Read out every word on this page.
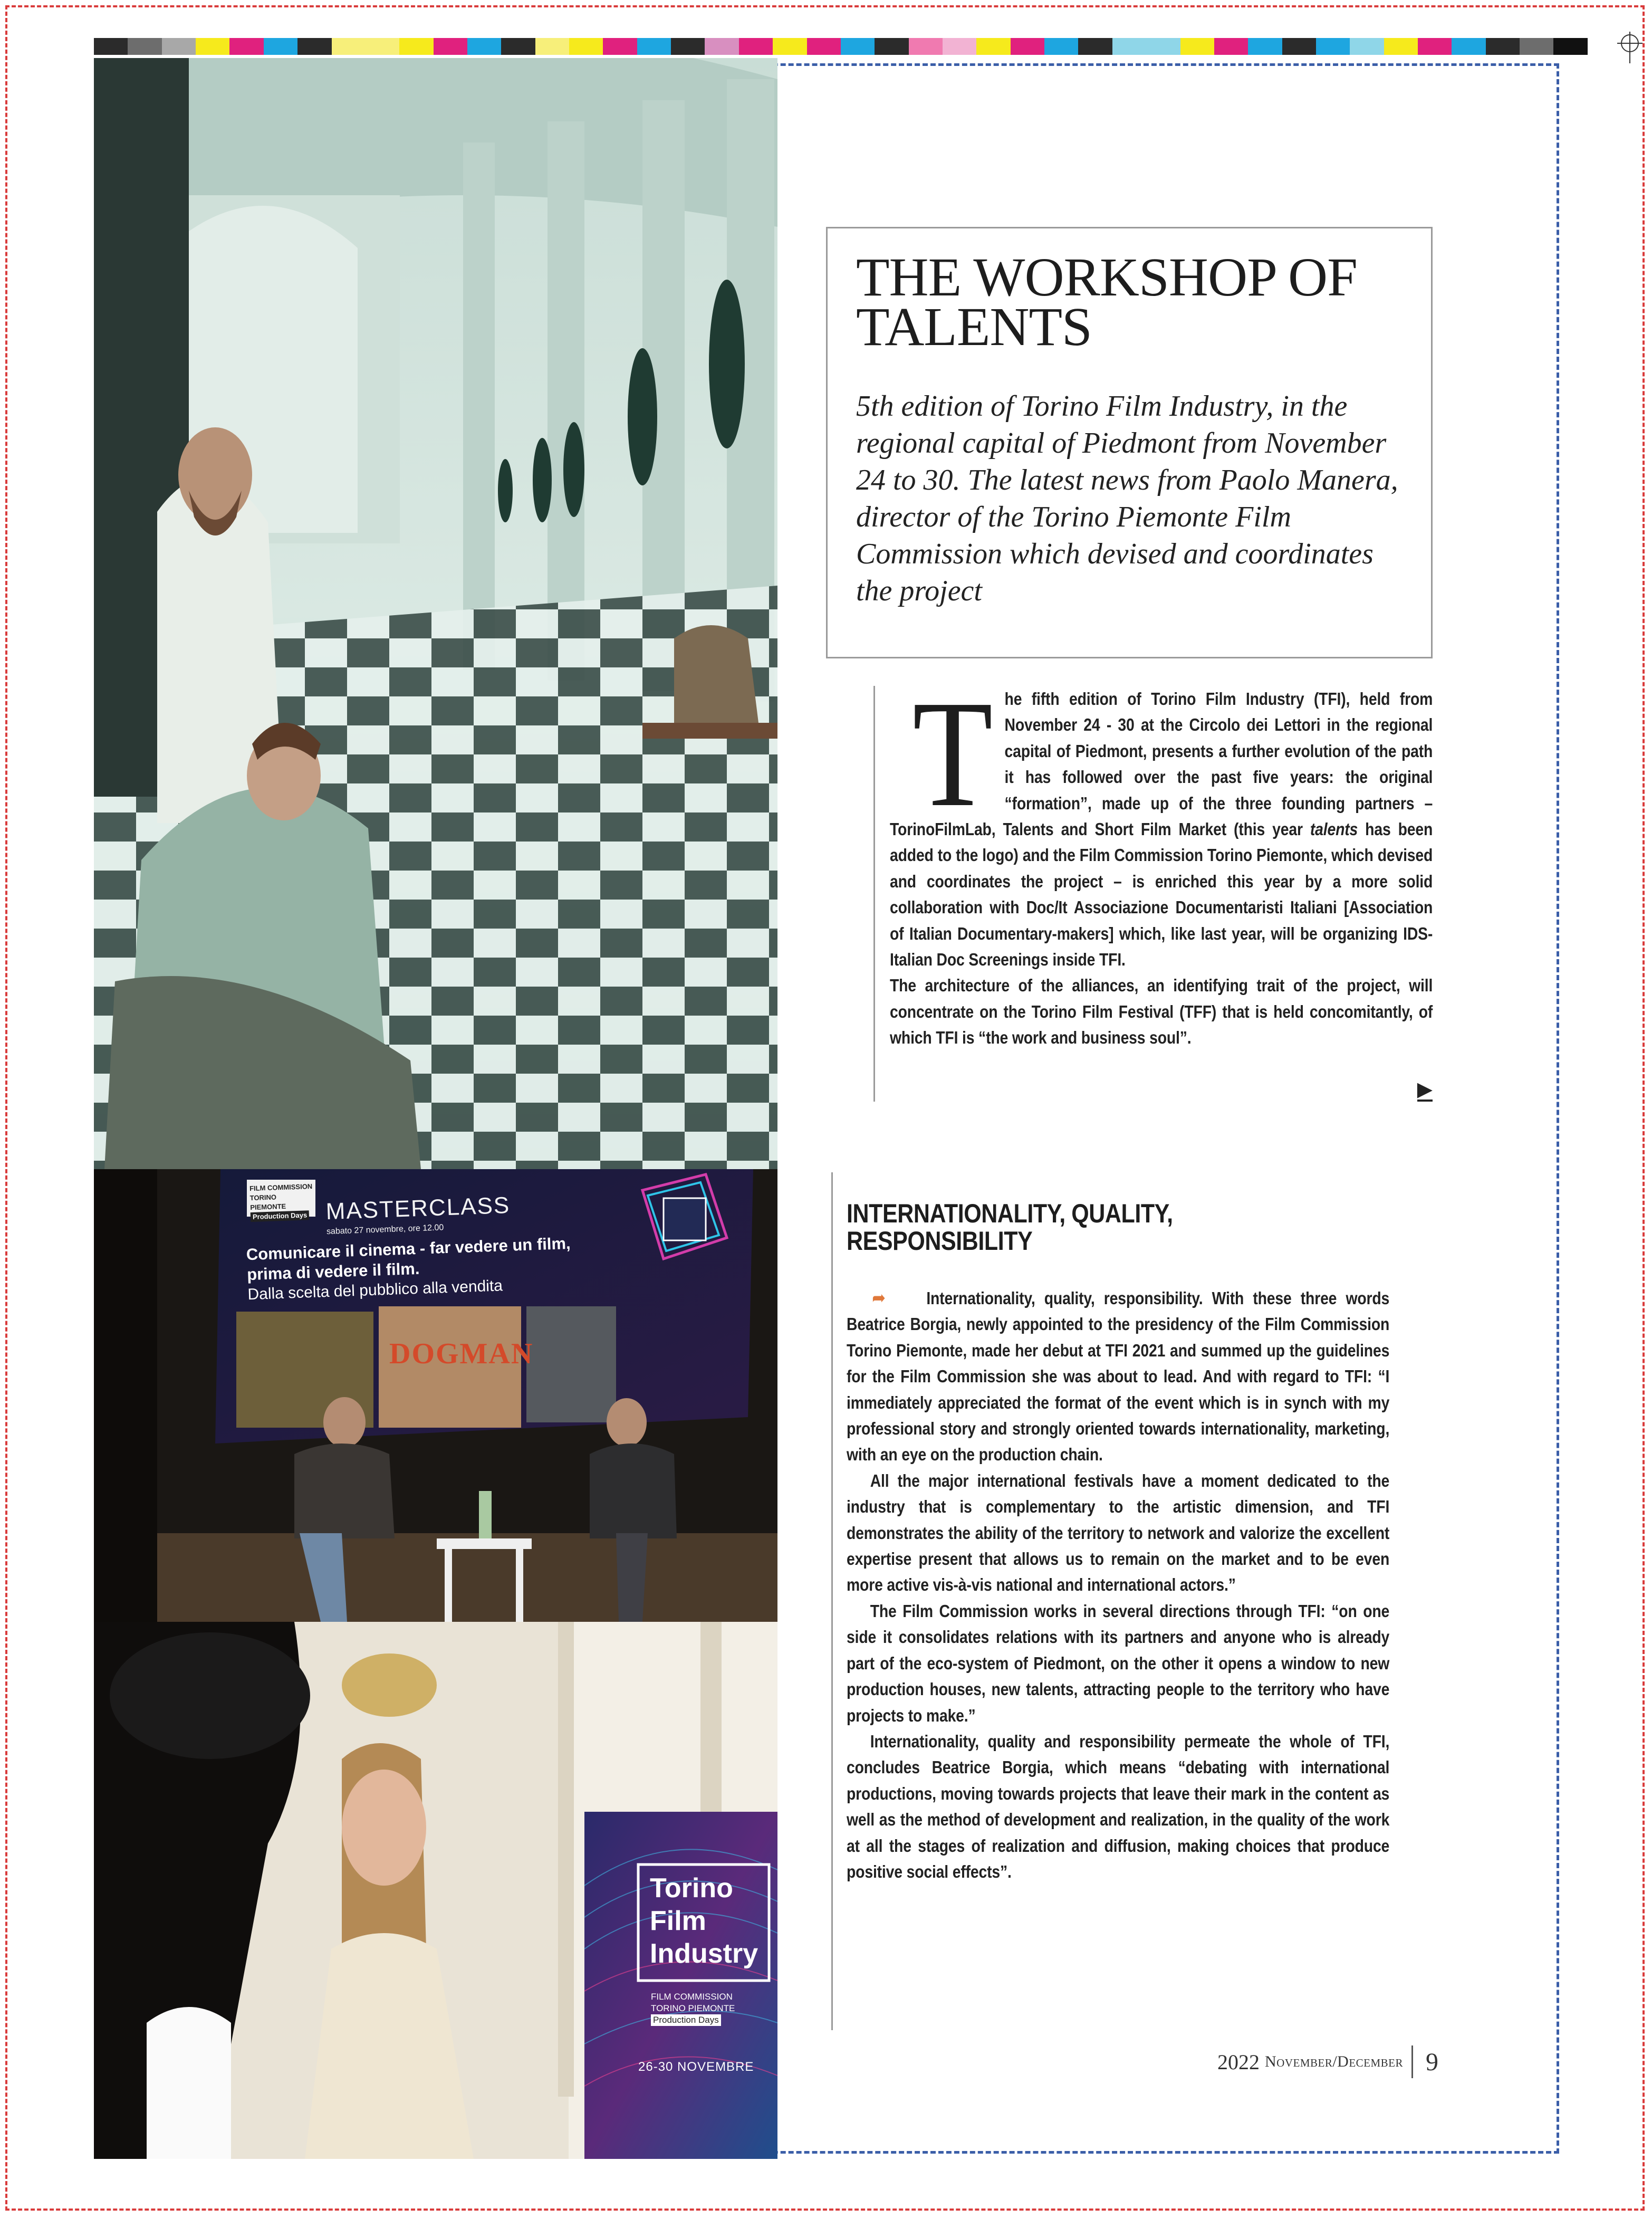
FILM COMMISSION
TORINO PIEMONTE
Production Days MASTERCLASS
sabato 27 novembre, ore 12.00
Comunicare il cinema - far vedere un film,
prima di vedere il film.
Dalla scelta del pubblico alla vendita
DOGMAN
Torino
Film
Industry
FILM COMMISSION
TORINO PIEMONTE
Production Days
26-30 NOVEMBRE
THE WORKSHOP OF TALENTS

5th edition of Torino Film Industry, in the regional capital of Piedmont from November 24 to 30. The latest news from Paolo Manera, director of the Torino Piemonte Film Commission which devised and coordinates the project

The fifth edition of Torino Film Industry (TFI), held from November 24 - 30 at the Circolo dei Lettori in the regional capital of Piedmont, presents a further evolution of the path it has followed over the past five years: the original “formation”, made up of the three founding partners – TorinoFilmLab, Talents and Short Film Market (this year talents has been added to the logo) and the Film Commission Torino Piemonte, which devised and coordinates the project – is enriched this year by a more solid collaboration with Doc/It Associazione Documentaristi Italiani [Association of Italian Documentary-makers] which, like last year, will be organizing IDS- Italian Doc Screenings inside TFI.

The architecture of the alliances, an identifying trait of the project, will concentrate on the Torino Film Festival (TFF) that is held concomitantly, of which TFI is “the work and business soul”.

▶
INTERNATIONALITY, QUALITY, RESPONSIBILITY

➦ Internationality, quality, responsibility. With these three words Beatrice Borgia, newly appointed to the presidency of the Film Commission Torino Piemonte, made her debut at TFI 2021 and summed up the guidelines for the Film Commission she was about to lead. And with regard to TFI: “I immediately appreciated the format of the event which is in synch with my professional story and strongly oriented towards internationality, marketing, with an eye on the production chain.

All the major international festivals have a moment dedicated to the industry that is complementary to the artistic dimension, and TFI demonstrates the ability of the territory to network and valorize the excellent expertise present that allows us to remain on the market and to be even more active vis-à-vis national and international actors.”

The Film Commission works in several directions through TFI: “on one side it consolidates relations with its partners and anyone who is already part of the eco-system of Piedmont, on the other it opens a window to new production houses, new talents, attracting people to the territory who have projects to make.”

Internationality, quality and responsibility permeate the whole of TFI, concludes Beatrice Borgia, which means “debating with international productions, moving towards projects that leave their mark in the content as well as the method of development and realization, in the quality of the work at all the stages of realization and diffusion, making choices that produce positive social effects”.

2022 November/December 9
